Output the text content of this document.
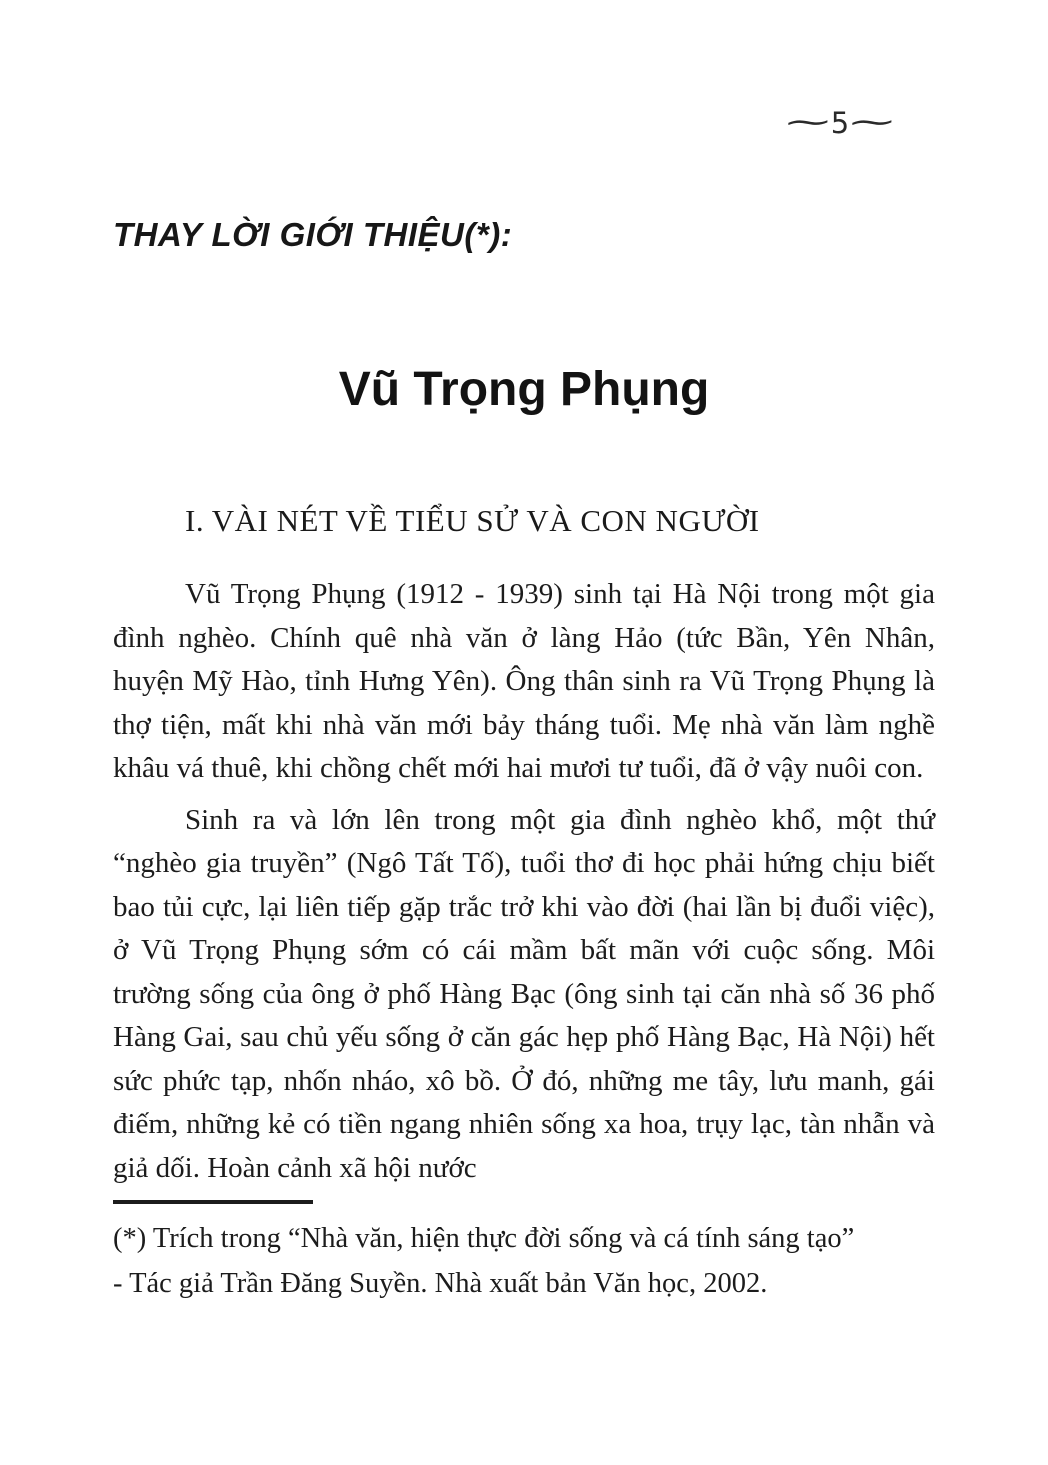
∼5∼
THAY LỜI GIỚI THIỆU(*):
Vũ Trọng Phụng
I. VÀI NÉT VỀ TIỂU SỬ VÀ CON NGƯỜI

Vũ Trọng Phụng (1912 - 1939) sinh tại Hà Nội trong một gia đình nghèo. Chính quê nhà văn ở làng Hảo (tức Bần, Yên Nhân, huyện Mỹ Hào, tỉnh Hưng Yên). Ông thân sinh ra Vũ Trọng Phụng là thợ tiện, mất khi nhà văn mới bảy tháng tuổi. Mẹ nhà văn làm nghề khâu vá thuê, khi chồng chết mới hai mươi tư tuổi, đã ở vậy nuôi con.

Sinh ra và lớn lên trong một gia đình nghèo khổ, một thứ “nghèo gia truyền” (Ngô Tất Tố), tuổi thơ đi học phải hứng chịu biết bao tủi cực, lại liên tiếp gặp trắc trở khi vào đời (hai lần bị đuổi việc), ở Vũ Trọng Phụng sớm có cái mầm bất mãn với cuộc sống. Môi trường sống của ông ở phố Hàng Bạc (ông sinh tại căn nhà số 36 phố Hàng Gai, sau chủ yếu sống ở căn gác hẹp phố Hàng Bạc, Hà Nội) hết sức phức tạp, nhốn nháo, xô bồ. Ở đó, những me tây, lưu manh, gái điếm, những kẻ có tiền ngang nhiên sống xa hoa, trụy lạc, tàn nhẫn và giả dối. Hoàn cảnh xã hội nước

(*) Trích trong “Nhà văn, hiện thực đời sống và cá tính sáng tạo”
- Tác giả Trần Đăng Suyền. Nhà xuất bản Văn học, 2002.
